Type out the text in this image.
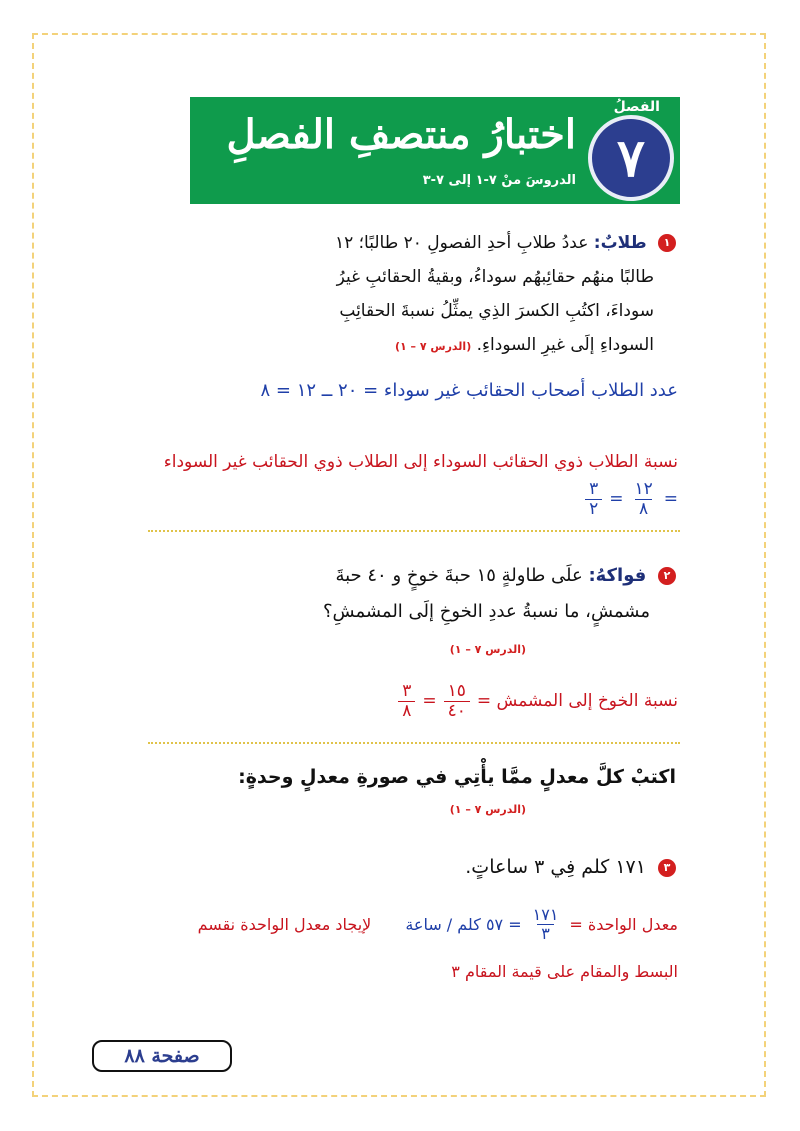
الفصلُ
٧
اختبارُ منتصفِ الفصلِ
الدروسَ منْ ٧-١ إلى ٧-٣
١ طلابٌ: عددُ طلابِ أحدِ الفصولِ ٢٠ طالبًا؛ ١٢
طالبًا منهُم حقائِبهُم سوداءُ، وبقيةُ الحقائبِ غيرُ
سوداءَ، اكتُبِ الكسرَ الذِي يمثِّلُ نسبةَ الحقائِبِ
السوداءِ إلَى غيرِ السوداءِ. (الدرس ٧ – ١)
عدد الطلاب أصحاب الحقائب غير سوداء = ٢٠ ــ ١٢ = ٨
نسبة الطلاب ذوي الحقائب السوداء إلى الطلاب ذوي الحقائب غير السوداء
=
$\frac{١٢}{٨}$
=
$\frac{٣}{٢}$
٢ فواكهُ: علَى طاولةٍ ١٥ حبةَ خوخٍ و ٤٠ حبةَ
مشمشٍ، ما نسبةُ عددِ الخوخِ إلَى المشمشِ؟
(الدرس ٧ – ١)
نسبة الخوخ إلى المشمش =
$\frac{١٥}{٤٠}$
=
$\frac{٣}{٨}$
اكتبْ كلَّ معدلٍ ممَّا يأْتِي في صورةِ معدلٍ وحدةٍ:
(الدرس ٧ – ١)
٣ ١٧١ كلم فِي ٣ ساعاتٍ.
معدل الواحدة =
$\frac{١٧١}{٣}$
= ٥٧ كلم / ساعة
لإيجاد معدل الواحدة نقسم
البسط والمقام على قيمة المقام ٣
صفحة ٨٨
